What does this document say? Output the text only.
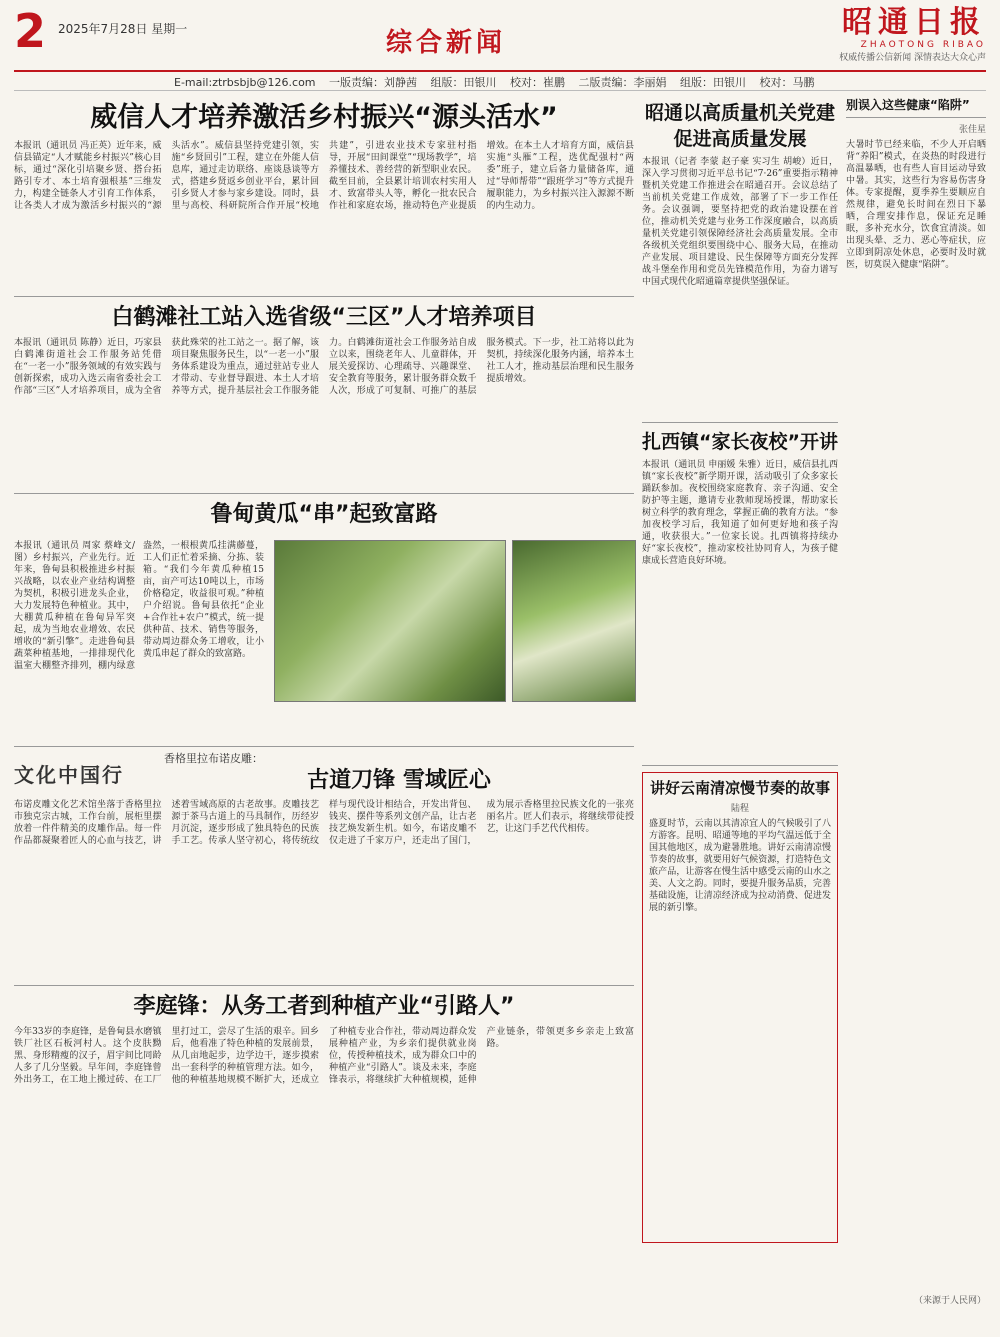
2 2025年7月28日 星期一	综合新闻
昭通日报
ZHAOTONG RIBAO
权威传播公信新闻 深情表达大众心声
E-mail:ztrbsbjb@126.com 一版责编：刘静茜 组版：田银川 校对：崔鹏 二版责编：李丽娟 组版：田银川 校对：马鹏
威信人才培养激活乡村振兴“源头活水”
本报讯（通讯员 冯正英）近年来，威信县锚定“人才赋能乡村振兴”核心目标，通过“深化引培聚乡贤、搭台拓路引专才、本土培育强根基”三维发力，构建全链条人才引育工作体系，让各类人才成为激活乡村振兴的“源头活水”。威信县坚持党建引领，实施“乡贤回引”工程，建立在外能人信息库，通过走访联络、座谈恳谈等方式，搭建乡贤返乡创业平台，累计回引乡贤人才参与家乡建设。同时，县里与高校、科研院所合作开展“校地共建”，引进农业技术专家驻村指导，开展“田间课堂”“现场教学”，培养懂技术、善经营的新型职业农民。截至目前，全县累计培训农村实用人才、致富带头人等，孵化一批农民合作社和家庭农场，推动特色产业提质增效。在本土人才培育方面，威信县实施“头雁”工程，选优配强村“两委”班子，建立后备力量储备库，通过“导师帮带”“跟班学习”等方式提升履职能力，为乡村振兴注入源源不断的内生动力。
白鹤滩社工站入选省级“三区”人才培养项目
本报讯（通讯员 陈静）近日，巧家县白鹤滩街道社会工作服务站凭借在“一老一小”服务领域的有效实践与创新探索，成功入选云南省委社会工作部“三区”人才培养项目，成为全省获此殊荣的社工站之一。据了解，该项目聚焦服务民生，以“一老一小”服务体系建设为重点，通过驻站专业人才带动、专业督导跟进、本土人才培养等方式，提升基层社会工作服务能力。白鹤滩街道社会工作服务站自成立以来，围绕老年人、儿童群体，开展关爱探访、心理疏导、兴趣课堂、安全教育等服务，累计服务群众数千人次，形成了可复制、可推广的基层服务模式。下一步，社工站将以此为契机，持续深化服务内涵，培养本土社工人才，推动基层治理和民生服务提质增效。
鲁甸黄瓜“串”起致富路
本报讯（通讯员 周家 蔡峰文/图）乡村振兴，产业先行。近年来，鲁甸县积极推进乡村振兴战略，以农业产业结构调整为契机，积极引进龙头企业，大力发展特色种植业。其中，大棚黄瓜种植在鲁甸异军突起，成为当地农业增效、农民增收的“新引擎”。走进鲁甸县蔬菜种植基地，一排排现代化温室大棚整齐排列，棚内绿意盎然，一根根黄瓜挂满藤蔓，工人们正忙着采摘、分拣、装箱。“我们今年黄瓜种植15亩，亩产可达10吨以上，市场价格稳定，收益很可观。”种植户介绍说。鲁甸县依托“企业+合作社+农户”模式，统一提供种苗、技术、销售等服务，带动周边群众务工增收，让小黄瓜串起了群众的致富路。
文化中国行
香格里拉布诺皮雕：
古道刀锋 雪域匠心
布诺皮雕文化艺术馆坐落于香格里拉市独克宗古城，工作台前，展柜里摆放着一件件精美的皮雕作品。每一件作品都凝聚着匠人的心血与技艺，讲述着雪域高原的古老故事。皮雕技艺源于茶马古道上的马具制作，历经岁月沉淀，逐步形成了独具特色的民族手工艺。传承人坚守初心，将传统纹样与现代设计相结合，开发出背包、钱夹、摆件等系列文创产品，让古老技艺焕发新生机。如今，布诺皮雕不仅走进了千家万户，还走出了国门，成为展示香格里拉民族文化的一张亮丽名片。匠人们表示，将继续带徒授艺，让这门手艺代代相传。
李庭锋：从务工者到种植产业“引路人”
今年33岁的李庭锋，是鲁甸县水磨镇铁厂社区石板河村人。这个皮肤黝黑、身形精瘦的汉子，眉宇间比同龄人多了几分坚毅。早年间，李庭锋曾外出务工，在工地上搬过砖、在工厂里打过工，尝尽了生活的艰辛。回乡后，他看准了特色种植的发展前景，从几亩地起步，边学边干，逐步摸索出一套科学的种植管理方法。如今，他的种植基地规模不断扩大，还成立了种植专业合作社，带动周边群众发展种植产业，为乡亲们提供就业岗位，传授种植技术，成为群众口中的种植产业“引路人”。谈及未来，李庭锋表示，将继续扩大种植规模，延伸产业链条，带领更多乡亲走上致富路。
昭通以高质量机关党建促进高质量发展
本报讯（记者 李蒙 赵子豪 实习生 胡峻）近日，深入学习贯彻习近平总书记“7·26”重要指示精神暨机关党建工作推进会在昭通召开。会议总结了当前机关党建工作成效，部署了下一步工作任务。会议强调，要坚持把党的政治建设摆在首位，推动机关党建与业务工作深度融合，以高质量机关党建引领保障经济社会高质量发展。全市各级机关党组织要围绕中心、服务大局，在推动产业发展、项目建设、民生保障等方面充分发挥战斗堡垒作用和党员先锋模范作用，为奋力谱写中国式现代化昭通篇章提供坚强保证。
扎西镇“家长夜校”开讲
本报讯（通讯员 申丽媛 朱雅）近日，威信县扎西镇“家长夜校”新学期开课，活动吸引了众多家长踊跃参加。夜校围绕家庭教育、亲子沟通、安全防护等主题，邀请专业教师现场授课，帮助家长树立科学的教育理念，掌握正确的教育方法。“参加夜校学习后，我知道了如何更好地和孩子沟通，收获很大。”一位家长说。扎西镇将持续办好“家长夜校”，推动家校社协同育人，为孩子健康成长营造良好环境。
讲好云南清凉慢节奏的故事
陆程
盛夏时节，云南以其清凉宜人的气候吸引了八方游客。昆明、昭通等地的平均气温远低于全国其他地区，成为避暑胜地。讲好云南清凉慢节奏的故事，就要用好气候资源，打造特色文旅产品，让游客在慢生活中感受云南的山水之美、人文之韵。同时，要提升服务品质，完善基础设施，让清凉经济成为拉动消费、促进发展的新引擎。
别误入这些健康“陷阱”
张佳星
大暑时节已经来临，不少人开启晒背“养阳”模式，在炎热的时段进行高温暴晒，也有些人盲目运动导致中暑。其实，这些行为容易伤害身体。专家提醒，夏季养生要顺应自然规律，避免长时间在烈日下暴晒，合理安排作息，保证充足睡眠，多补充水分，饮食宜清淡。如出现头晕、乏力、恶心等症状，应立即到阴凉处休息，必要时及时就医，切莫误入健康“陷阱”。
（来源于人民网）
